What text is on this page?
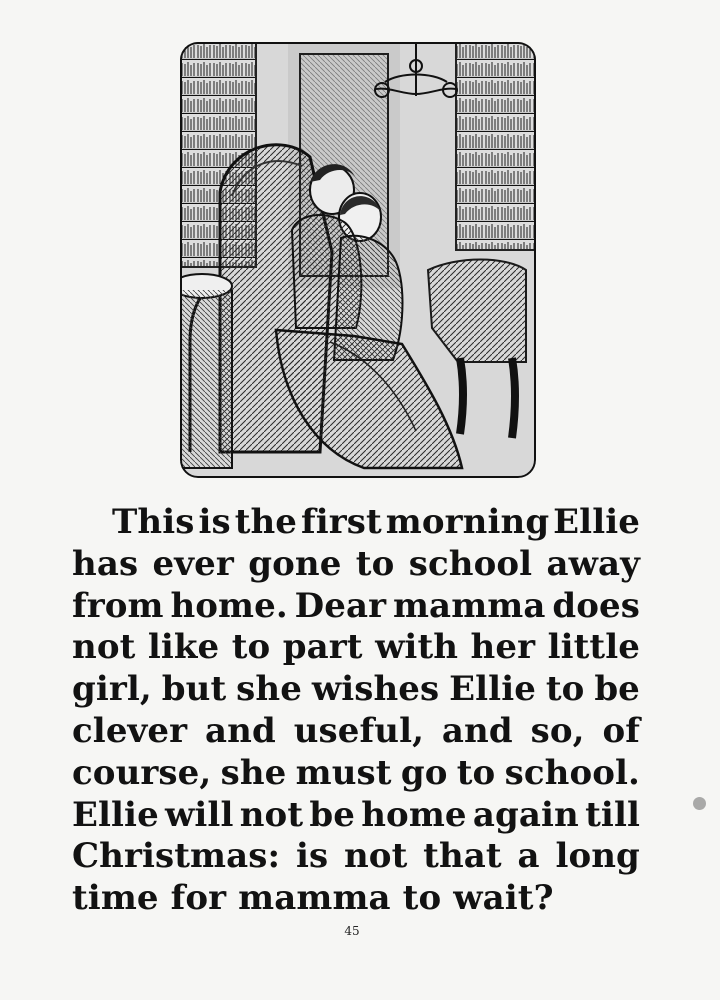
This is the first morning Ellie
has ever gone to school away
from home. Dear mamma does
not like to part with her little
girl, but she wishes Ellie to be
clever and useful, and so, of
course, she must go to school.
Ellie will not be home again till
Christmas: is not that a long
time for mamma to wait?
45
